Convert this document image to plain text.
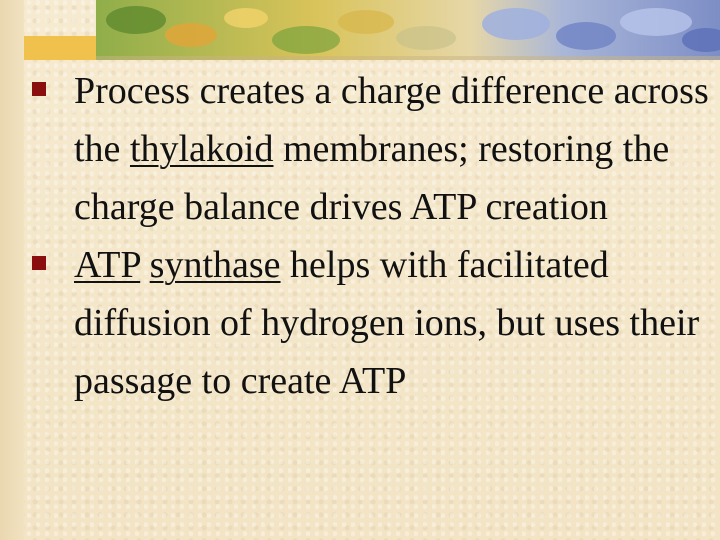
Process creates a charge difference across the thylakoid membranes; restoring the charge balance drives ATP creation

ATP synthase helps with facilitated diffusion of hydrogen ions, but uses their passage to create ATP
